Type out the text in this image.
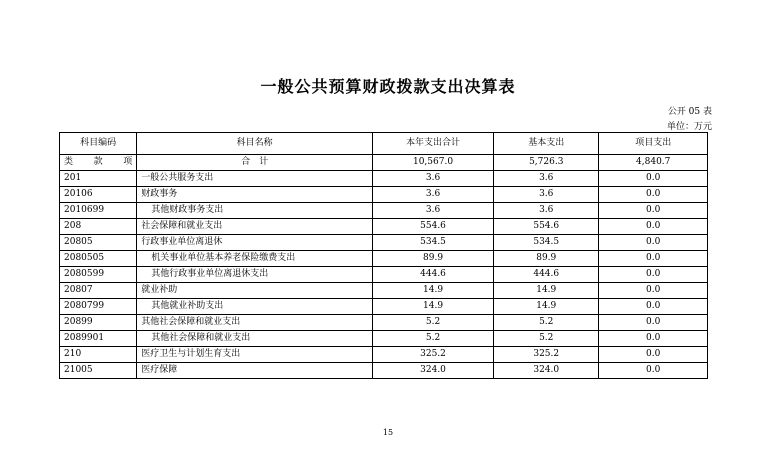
一般公共预算财政拨款支出决算表
公开 05 表
单位：万元
科目编码	科目名称	本年支出合计	基本支出	项目支出

类 款 项	合　计	10,567.0	5,726.3	4,840.7
201	一般公共服务支出	3.6	3.6	0.0
20106	财政事务	3.6	3.6	0.0
2010699	其他财政事务支出	3.6	3.6	0.0
208	社会保障和就业支出	554.6	554.6	0.0
20805	行政事业单位离退休	534.5	534.5	0.0
2080505	机关事业单位基本养老保险缴费支出	89.9	89.9	0.0
2080599	其他行政事业单位离退休支出	444.6	444.6	0.0
20807	就业补助	14.9	14.9	0.0
2080799	其他就业补助支出	14.9	14.9	0.0
20899	其他社会保障和就业支出	5.2	5.2	0.0
2089901	其他社会保障和就业支出	5.2	5.2	0.0
210	医疗卫生与计划生育支出	325.2	325.2	0.0
21005	医疗保障	324.0	324.0	0.0
15
